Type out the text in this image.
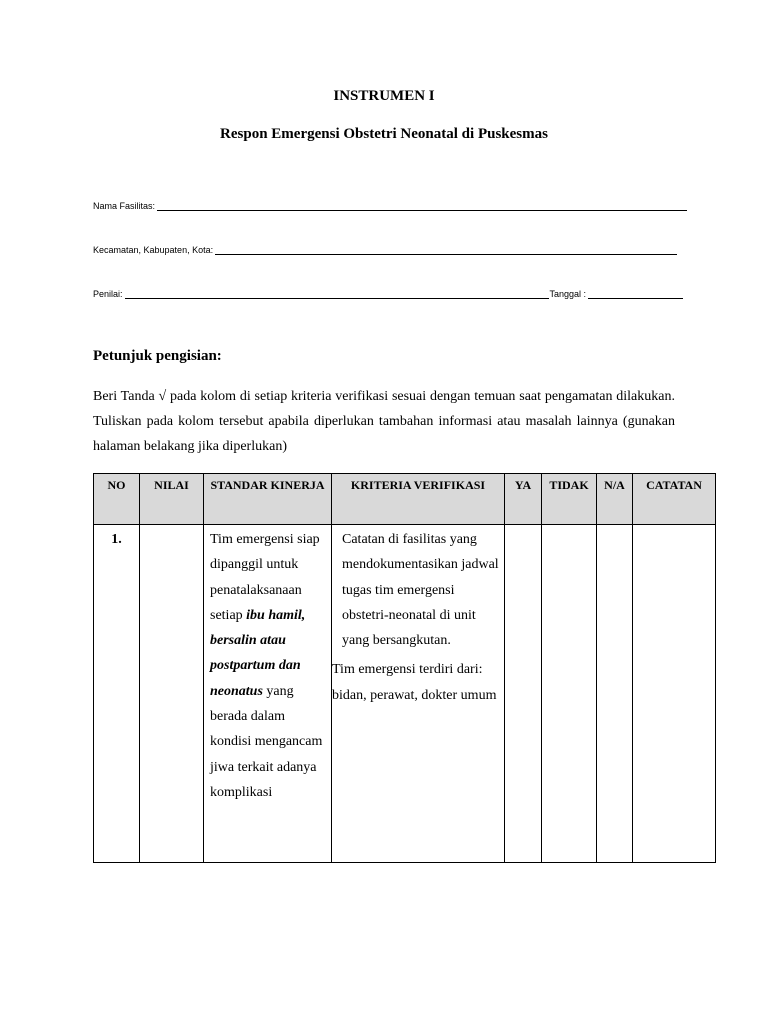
INSTRUMEN I
Respon Emergensi Obstetri Neonatal di Puskesmas
Nama Fasilitas:
Kecamatan, Kabupaten, Kota:
Penilai:	Tanggal :
Petunjuk pengisian:
Beri Tanda √ pada kolom di setiap kriteria verifikasi sesuai dengan temuan saat pengamatan dilakukan. Tuliskan pada kolom tersebut apabila diperlukan tambahan informasi atau masalah lainnya (gunakan halaman belakang jika diperlukan)
NO	NILAI	STANDAR KINERJA	KRITERIA VERIFIKASI	YA	TIDAK	N/A	CATATAN
1.		Tim emergensi siap dipanggil untuk penatalaksanaan setiap ibu hamil, bersalin atau postpartum dan neonatus yang berada dalam kondisi mengancam jiwa terkait adanya komplikasi	Catatan di fasilitas yang mendokumentasikan jadwal tugas tim emergensi obstetri-neonatal di unit yang bersangkutan.
Tim emergensi terdiri dari: bidan, perawat, dokter umum				
